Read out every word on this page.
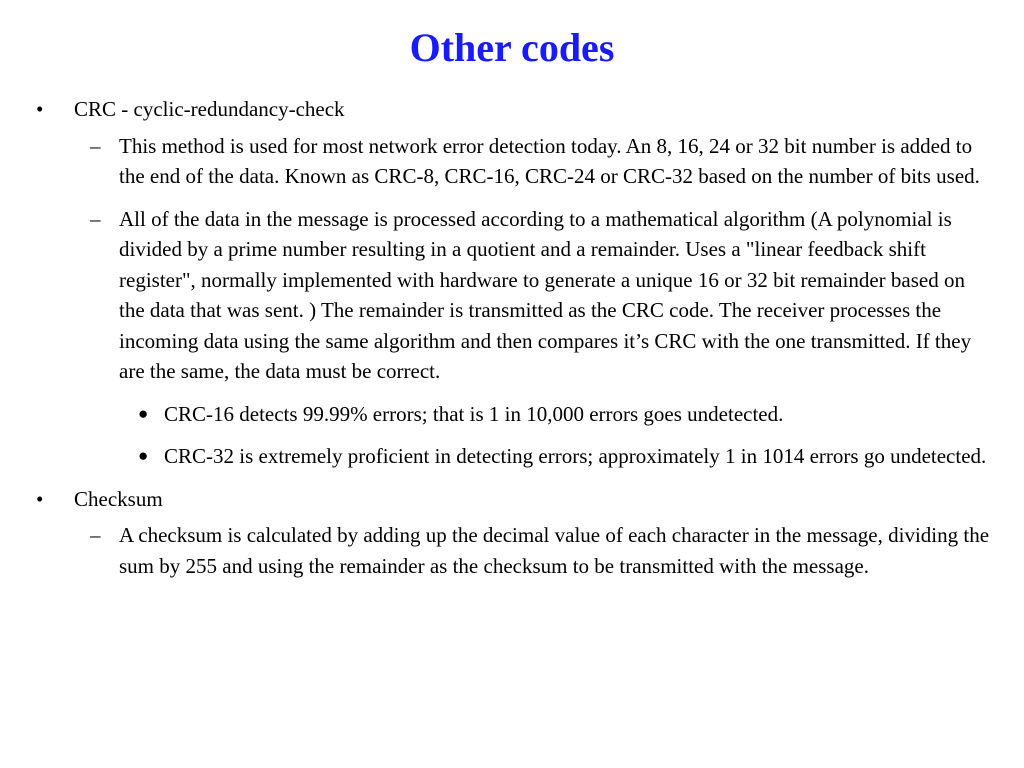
Other codes
• CRC - cyclic-redundancy-check
– This method is used for most network error detection today. An 8, 16, 24 or 32 bit number is added to the end of the data. Known as CRC-8, CRC-16, CRC-24 or CRC-32 based on the number of bits used.
– All of the data in the message is processed according to a mathematical algorithm (A polynomial is divided by a prime number resulting in a quotient and a remainder. Uses a "linear feedback shift register", normally implemented with hardware to generate a unique 16 or 32 bit remainder based on the data that was sent. ) The remainder is transmitted as the CRC code. The receiver processes the incoming data using the same algorithm and then compares it’s CRC with the one transmitted. If they are the same, the data must be correct.
● CRC-16 detects 99.99% errors; that is 1 in 10,000 errors goes undetected.
● CRC-32 is extremely proficient in detecting errors; approximately 1 in 1014 errors go undetected.
• Checksum
– A checksum is calculated by adding up the decimal value of each character in the message, dividing the sum by 255 and using the remainder as the checksum to be transmitted with the message.
